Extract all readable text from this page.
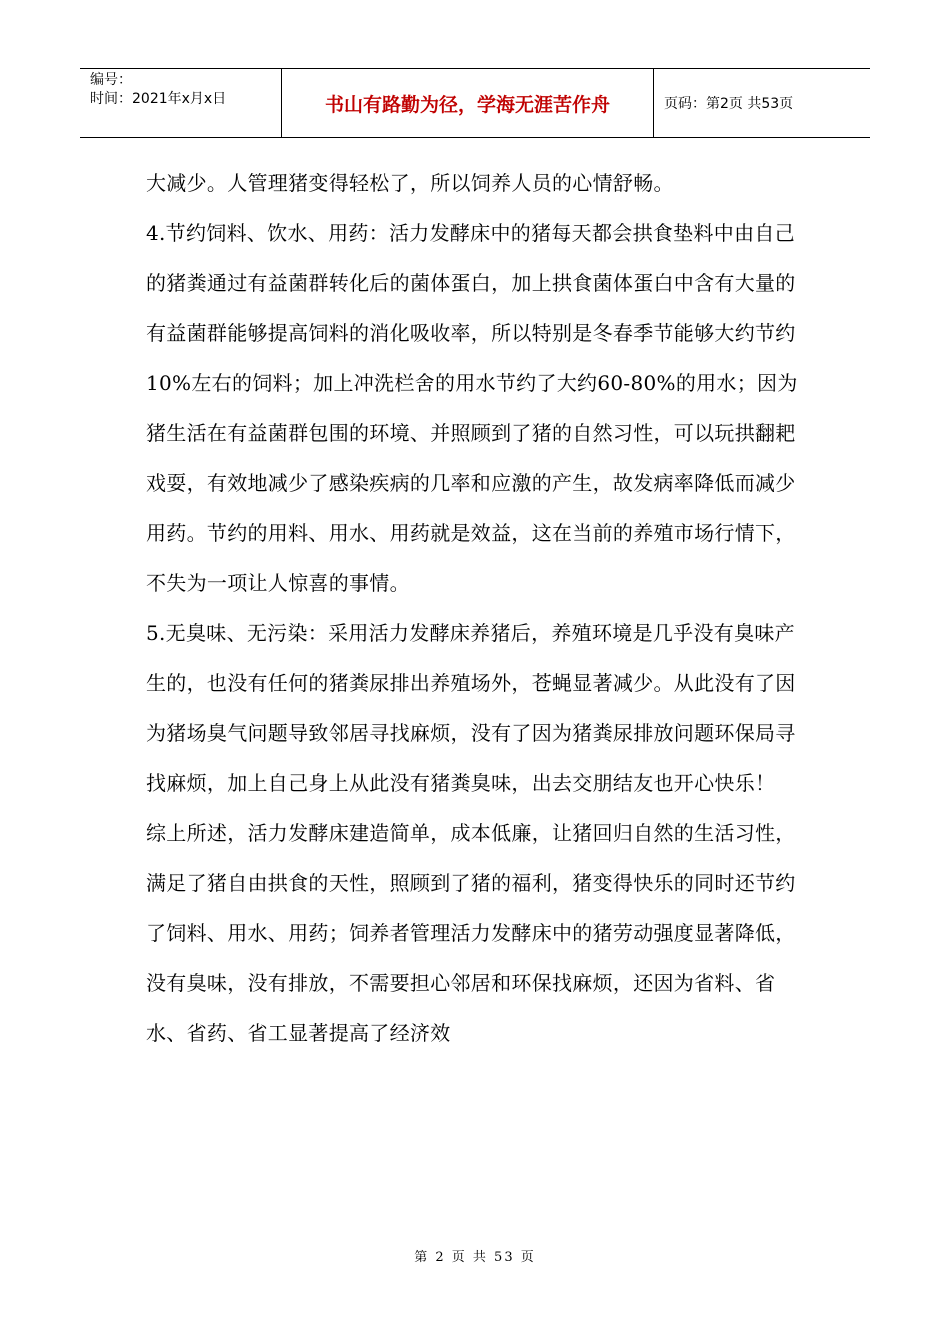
编号：
时间：2021年x月x日	书山有路勤为径，学海无涯苦作舟	页码：第2页 共53页

大减少。人管理猪变得轻松了，所以饲养人员的心情舒畅。

4.节约饲料、饮水、用药：活力发酵床中的猪每天都会拱食垫料中由自己的猪粪通过有益菌群转化后的菌体蛋白，加上拱食菌体蛋白中含有大量的有益菌群能够提高饲料的消化吸收率，所以特别是冬春季节能够大约节约10%左右的饲料；加上冲洗栏舍的用水节约了大约60-80%的用水；因为猪生活在有益菌群包围的环境、并照顾到了猪的自然习性，可以玩拱翻耙戏耍，有效地减少了感染疾病的几率和应激的产生，故发病率降低而减少用药。节约的用料、用水、用药就是效益，这在当前的养殖市场行情下，不失为一项让人惊喜的事情。

5.无臭味、无污染：采用活力发酵床养猪后，养殖环境是几乎没有臭味产生的，也没有任何的猪粪尿排出养殖场外，苍蝇显著减少。从此没有了因为猪场臭气问题导致邻居寻找麻烦，没有了因为猪粪尿排放问题环保局寻找麻烦，加上自己身上从此没有猪粪臭味，出去交朋结友也开心快乐！

综上所述，活力发酵床建造简单，成本低廉，让猪回归自然的生活习性，满足了猪自由拱食的天性，照顾到了猪的福利，猪变得快乐的同时还节约了饲料、用水、用药；饲养者管理活力发酵床中的猪劳动强度显著降低，没有臭味，没有排放，不需要担心邻居和环保找麻烦，还因为省料、省水、省药、省工显著提高了经济效

第 2 页 共 53 页
